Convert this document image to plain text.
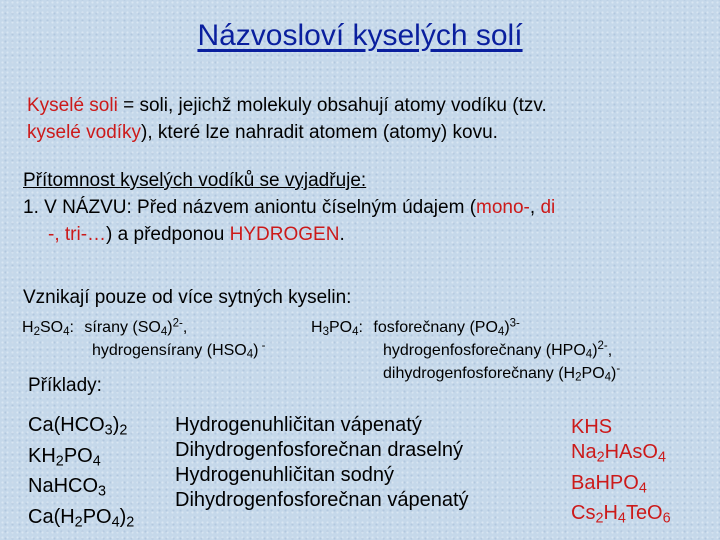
Názvosloví kyselých solí
Kyselé soli = soli, jejichž molekuly obsahují atomy vodíku (tzv.
kyselé vodíky), které lze nahradit atomem (atomy) kovu.
Přítomnost kyselých vodíků se vyjadřuje:
1. V NÁZVU: Před názvem aniontu číselným údajem (mono-, di
-, tri-…) a předponou HYDROGEN.
Vznikají pouze od více sytných kyselin:
$H_2SO_4$: sírany $(SO_4)^{2-}$,
hydrogensírany $(HSO_4)$ -
$H_3PO_4$: fosforečnany $(PO_4)^{3-}$
hydrogenfosforečnany $(HPO_4)^{2-}$,
dihydrogenfosforečnany $(H_2PO_4)^-$
Příklady:
$Ca(HCO_3)_2$
$KH_2PO_4$
NaHCO$_3$
$Ca(H_2PO_4)_2$
Hydrogenuhličitan vápenatý
Dihydrogenfosforečnan draselný
Hydrogenuhličitan sodný
Dihydrogenfosforečnan vápenatý
KHS
$Na_2HAsO_4$
BaHPO$_4$
$Cs_2H_4TeO_6$
